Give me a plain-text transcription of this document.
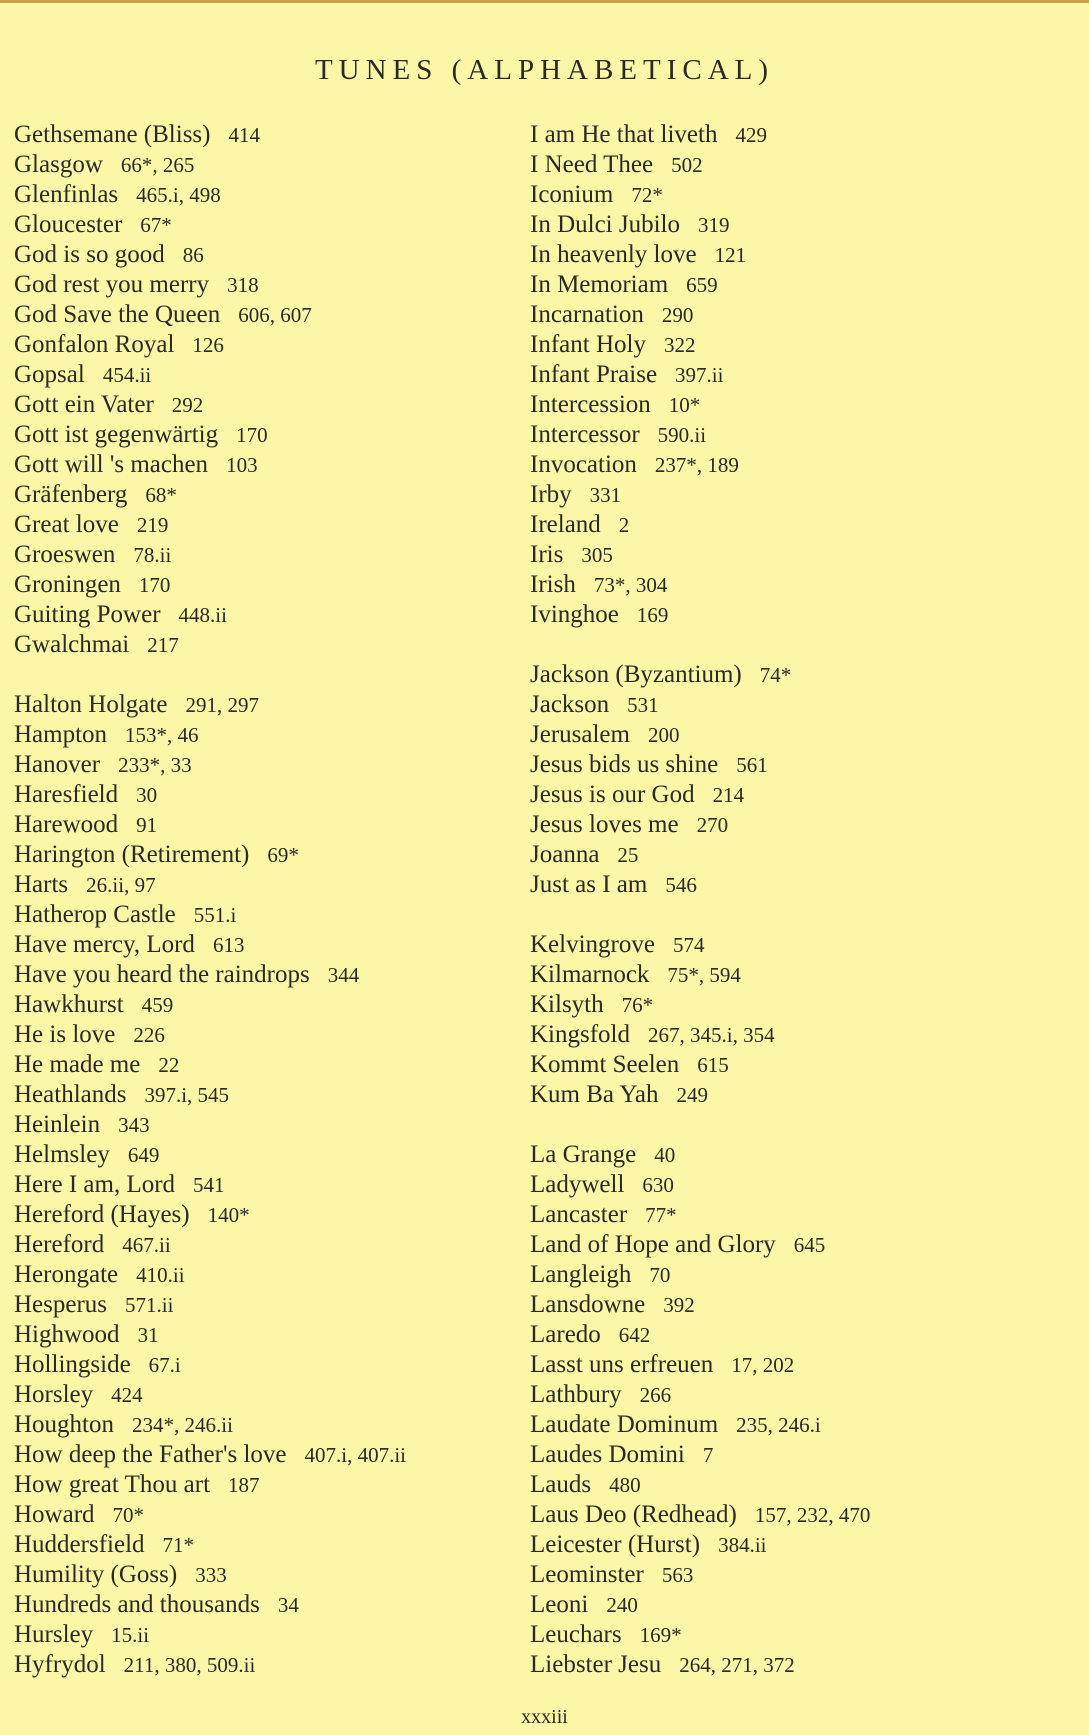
TUNES (ALPHABETICAL)
Gethsemane (Bliss) 414
Glasgow 66*, 265
Glenfinlas 465.i, 498
Gloucester 67*
God is so good 86
God rest you merry 318
God Save the Queen 606, 607
Gonfalon Royal 126
Gopsal 454.ii
Gott ein Vater 292
Gott ist gegenwärtig 170
Gott will 's machen 103
Gräfenberg 68*
Great love 219
Groeswen 78.ii
Groningen 170
Guiting Power 448.ii
Gwalchmai 217
Halton Holgate 291, 297
Hampton 153*, 46
Hanover 233*, 33
Haresfield 30
Harewood 91
Harington (Retirement) 69*
Harts 26.ii, 97
Hatherop Castle 551.i
Have mercy, Lord 613
Have you heard the raindrops 344
Hawkhurst 459
He is love 226
He made me 22
Heathlands 397.i, 545
Heinlein 343
Helmsley 649
Here I am, Lord 541
Hereford (Hayes) 140*
Hereford 467.ii
Herongate 410.ii
Hesperus 571.ii
Highwood 31
Hollingside 67.i
Horsley 424
Houghton 234*, 246.ii
How deep the Father's love 407.i, 407.ii
How great Thou art 187
Howard 70*
Huddersfield 71*
Humility (Goss) 333
Hundreds and thousands 34
Hursley 15.ii
Hyfrydol 211, 380, 509.ii
I am He that liveth 429
I Need Thee 502
Iconium 72*
In Dulci Jubilo 319
In heavenly love 121
In Memoriam 659
Incarnation 290
Infant Holy 322
Infant Praise 397.ii
Intercession 10*
Intercessor 590.ii
Invocation 237*, 189
Irby 331
Ireland 2
Iris 305
Irish 73*, 304
Ivinghoe 169
Jackson (Byzantium) 74*
Jackson 531
Jerusalem 200
Jesus bids us shine 561
Jesus is our God 214
Jesus loves me 270
Joanna 25
Just as I am 546
Kelvingrove 574
Kilmarnock 75*, 594
Kilsyth 76*
Kingsfold 267, 345.i, 354
Kommt Seelen 615
Kum Ba Yah 249
La Grange 40
Ladywell 630
Lancaster 77*
Land of Hope and Glory 645
Langleigh 70
Lansdowne 392
Laredo 642
Lasst uns erfreuen 17, 202
Lathbury 266
Laudate Dominum 235, 246.i
Laudes Domini 7
Lauds 480
Laus Deo (Redhead) 157, 232, 470
Leicester (Hurst) 384.ii
Leominster 563
Leoni 240
Leuchars 169*
Liebster Jesu 264, 271, 372
xxxiii
